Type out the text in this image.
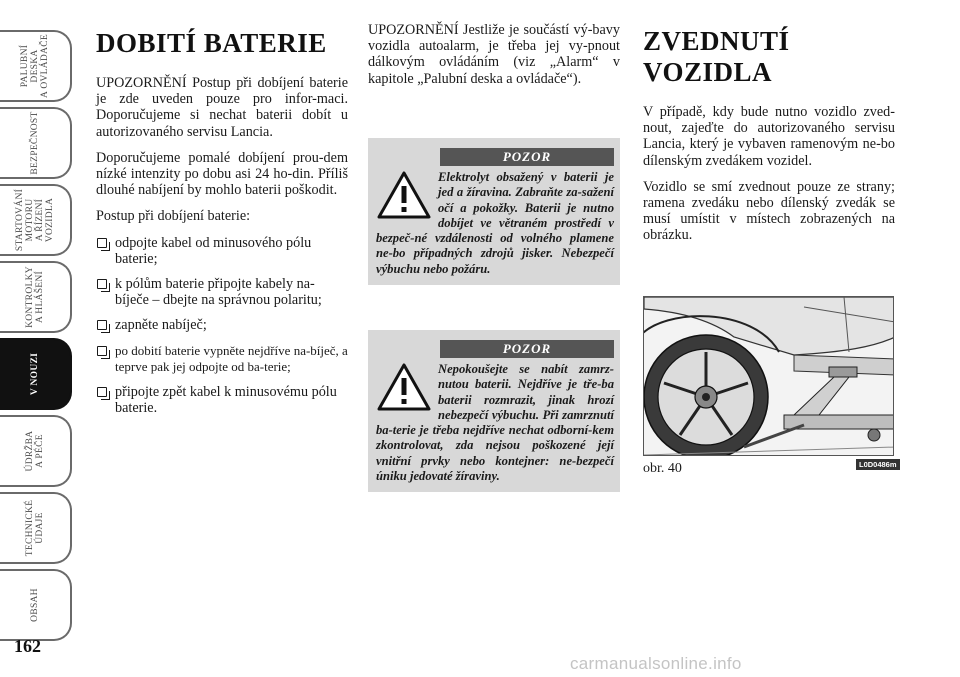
PALUBNÍ
DESKA
A OVLÁDAČE
BEZPEČNOST
STARTOVÁNÍ
MOTORU
A ŘÍZENÍ
VOZIDLA
KONTROLKY
A HLÁŠENÍ
V NOUZI
ÚDRŽBA
A PÉČE
TECHNICKÉ
ÚDAJE
OBSAH
162
DOBITÍ BATERIE

UPOZORNĚNÍ Postup při dobíjení baterie je zde uveden pouze pro infor-maci. Doporučujeme si nechat baterii dobít u autorizovaného servisu Lancia.

Doporučujeme pomalé dobíjení prou-dem nízké intenzity po dobu asi 24 ho-din. Příliš dlouhé nabíjení by mohlo baterii poškodit.

Postup při dobíjení baterie:

odpojte kabel od minusového pólu baterie;
k pólům baterie připojte kabely na-bíječe – dbejte na správnou polaritu;
zapněte nabíječ;
po dobití baterie vypněte nejdříve na-bíječ, a teprve pak jej odpojte od ba-terie;
připojte zpět kabel k minusovému pólu baterie.

UPOZORNĚNÍ Jestliže je součástí vý-bavy vozidla autoalarm, je třeba jej vy-pnout dálkovým ovládáním (viz „Alarm“ v kapitole „Palubní deska a ovládače“).

POZOR
Elektrolyt obsažený v baterii je jed a žíravina. Zabraňte za-sažení očí a pokožky. Baterii je nutno dobíjet ve větraném prostředí v bezpeč-né vzdálenosti od volného plamene ne-bo případných zdrojů jisker. Nebezpečí výbuchu nebo požáru.
POZOR
Nepokoušejte se nabít zamrz-nutou baterii. Nejdříve je tře-ba baterii rozmrazit, jinak hrozí nebezpečí výbuchu. Při zamrznutí ba-terie je třeba nejdříve nechat odborní-kem zkontrolovat, zda nejsou poškozené její vnitřní prvky nebo kontejner: ne-bezpečí úniku jedovaté žíraviny.
ZVEDNUTÍ
VOZIDLA

V případě, kdy bude nutno vozidlo zved-nout, zajeďte do autorizovaného servisu Lancia, který je vybaven ramenovým ne-bo dílenským zvedákem vozidel.

Vozidlo se smí zvednout pouze ze strany; ramena zvedáku nebo dílenský zvedák se musí umístit v místech zobrazených na obrázku.

L0D0486m
obr. 40
carmanualsonline.info
